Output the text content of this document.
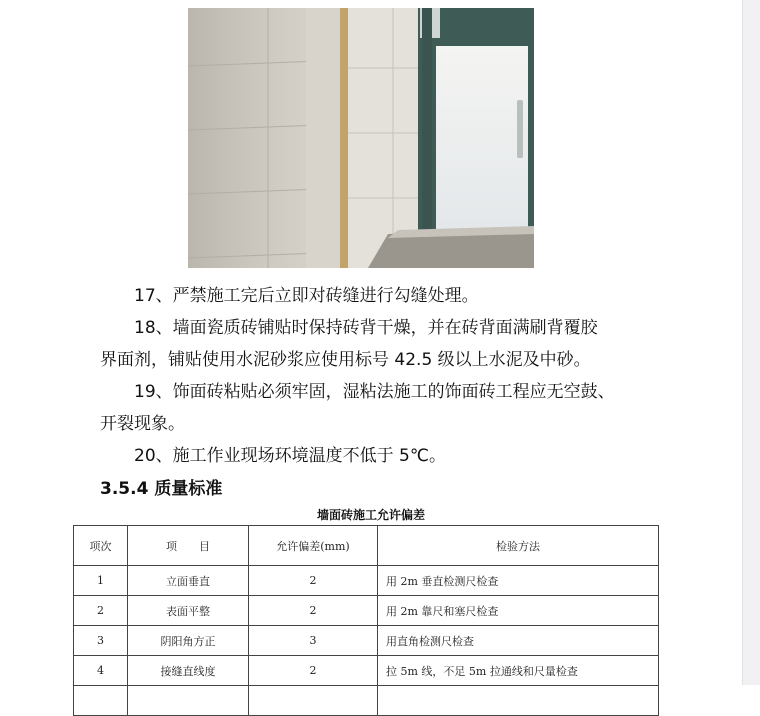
17、严禁施工完后立即对砖缝进行勾缝处理。

18、墙面瓷质砖铺贴时保持砖背干燥，并在砖背面满刷背覆胶

界面剂，铺贴使用水泥砂浆应使用标号 42.5 级以上水泥及中砂。

19、饰面砖粘贴必须牢固，湿粘法施工的饰面砖工程应无空鼓、

开裂现象。

20、施工作业现场环境温度不低于 5℃。

3.5.4 质量标准
墙面砖施工允许偏差
项次	项　　目	允许偏差(mm)	检验方法
1	立面垂直	2	用 2m 垂直检测尺检查
2	表面平整	2	用 2m 靠尺和塞尺检查
3	阴阳角方正	3	用直角检测尺检查
4	接缝直线度	2	拉 5m 线，不足 5m 拉通线和尺量检查
